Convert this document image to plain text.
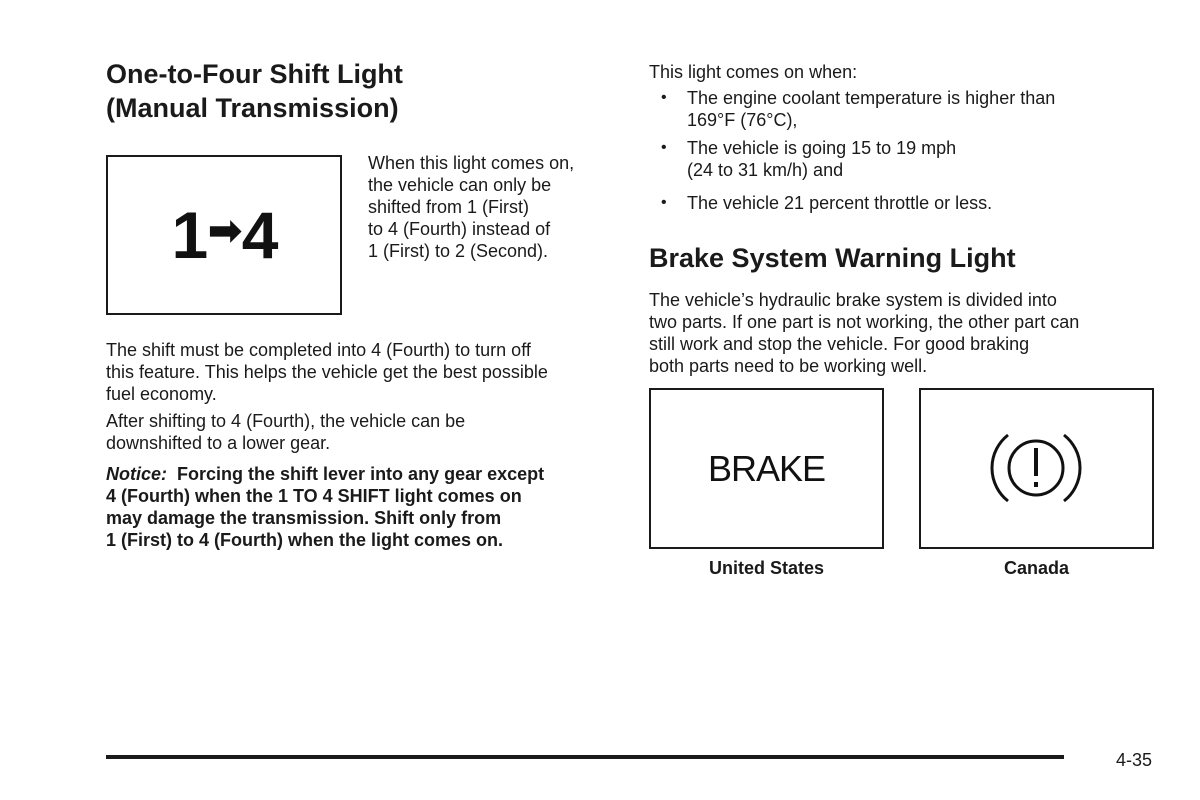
One-to-Four Shift Light
(Manual Transmission)
1 ➡ 4

When this light comes on,

the vehicle can only be

shifted from 1 (First)

to 4 (Fourth) instead of

1 (First) to 2 (Second).

The shift must be completed into 4 (Fourth) to turn off

this feature. This helps the vehicle get the best possible

fuel economy.

After shifting to 4 (Fourth), the vehicle can be

downshifted to a lower gear.

Notice: Forcing the shift lever into any gear except

4 (Fourth) when the 1 TO 4 SHIFT light comes on

may damage the transmission. Shift only from

1 (First) to 4 (Fourth) when the light comes on.

This light comes on when:

• The engine coolant temperature is higher than
169°F (76°C),
• The vehicle is going 15 to 19 mph
(24 to 31 km/h) and
• The vehicle 21 percent throttle or less.
Brake System Warning Light

The vehicle’s hydraulic brake system is divided into

two parts. If one part is not working, the other part can

still work and stop the vehicle. For good braking

both parts need to be working well.

BRAKE
United States	Canada
4-35
